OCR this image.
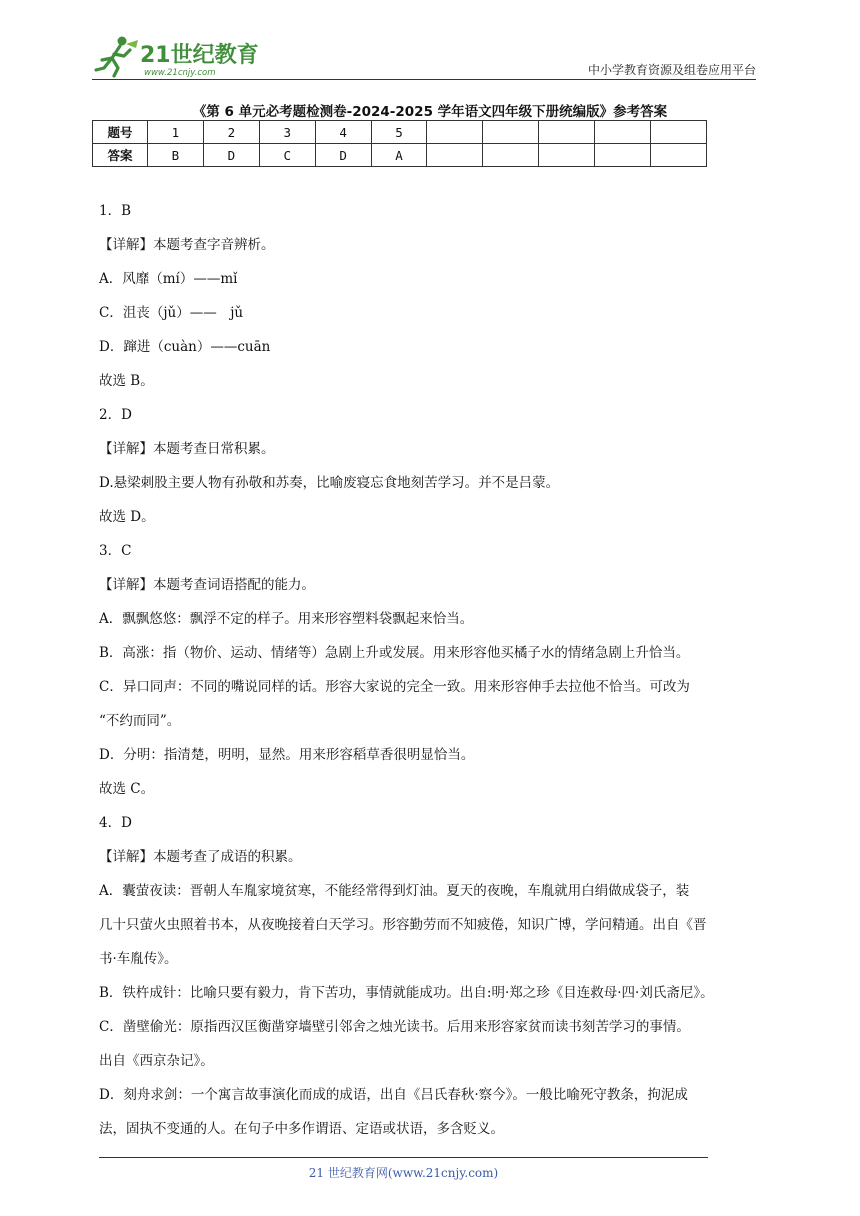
21世纪教育
www.21cnjy.com	中小学教育资源及组卷应用平台
《第 6 单元必考题检测卷-2024-2025 学年语文四年级下册统编版》参考答案
题号	1	2	3	4	5					
答案	B	D	C	D	A					

1．B

【详解】本题考查字音辨析。

A．风靡（mí）——mǐ

C．沮丧（jǔ）——　jǔ

D．蹿进（cuàn）——cuān

故选 B。

2．D

【详解】本题考查日常积累。

D.悬梁刺股主要人物有孙敬和苏奏，比喻废寝忘食地刻苦学习。并不是吕蒙。

故选 D。

3．C

【详解】本题考查词语搭配的能力。

A．飘飘悠悠：飘浮不定的样子。用来形容塑料袋飘起来恰当。

B．高涨：指（物价、运动、情绪等）急剧上升或发展。用来形容他买橘子水的情绪急剧上升恰当。

C．异口同声：不同的嘴说同样的话。形容大家说的完全一致。用来形容伸手去拉他不恰当。可改为

“不约而同”。

D．分明：指清楚，明明，显然。用来形容稻草香很明显恰当。

故选 C。

4．D

【详解】本题考查了成语的积累。

A．囊萤夜读：晋朝人车胤家境贫寒，不能经常得到灯油。夏天的夜晚，车胤就用白绢做成袋子，装

几十只萤火虫照着书本，从夜晚接着白天学习。形容勤劳而不知疲倦，知识广博，学问精通。出自《晋

书·车胤传》。

B．铁杵成针：比喻只要有毅力，肯下苦功，事情就能成功。出自:明·郑之珍《目连救母·四·刘氏斋尼》。

C．凿壁偷光：原指西汉匡衡凿穿墙壁引邻舍之烛光读书。后用来形容家贫而读书刻苦学习的事情。

出自《西京杂记》。

D．刻舟求剑：一个寓言故事演化而成的成语，出自《吕氏春秋·察今》。一般比喻死守教条，拘泥成

法，固执不变通的人。在句子中多作谓语、定语或状语，多含贬义。

21 世纪教育网(www.21cnjy.com)
